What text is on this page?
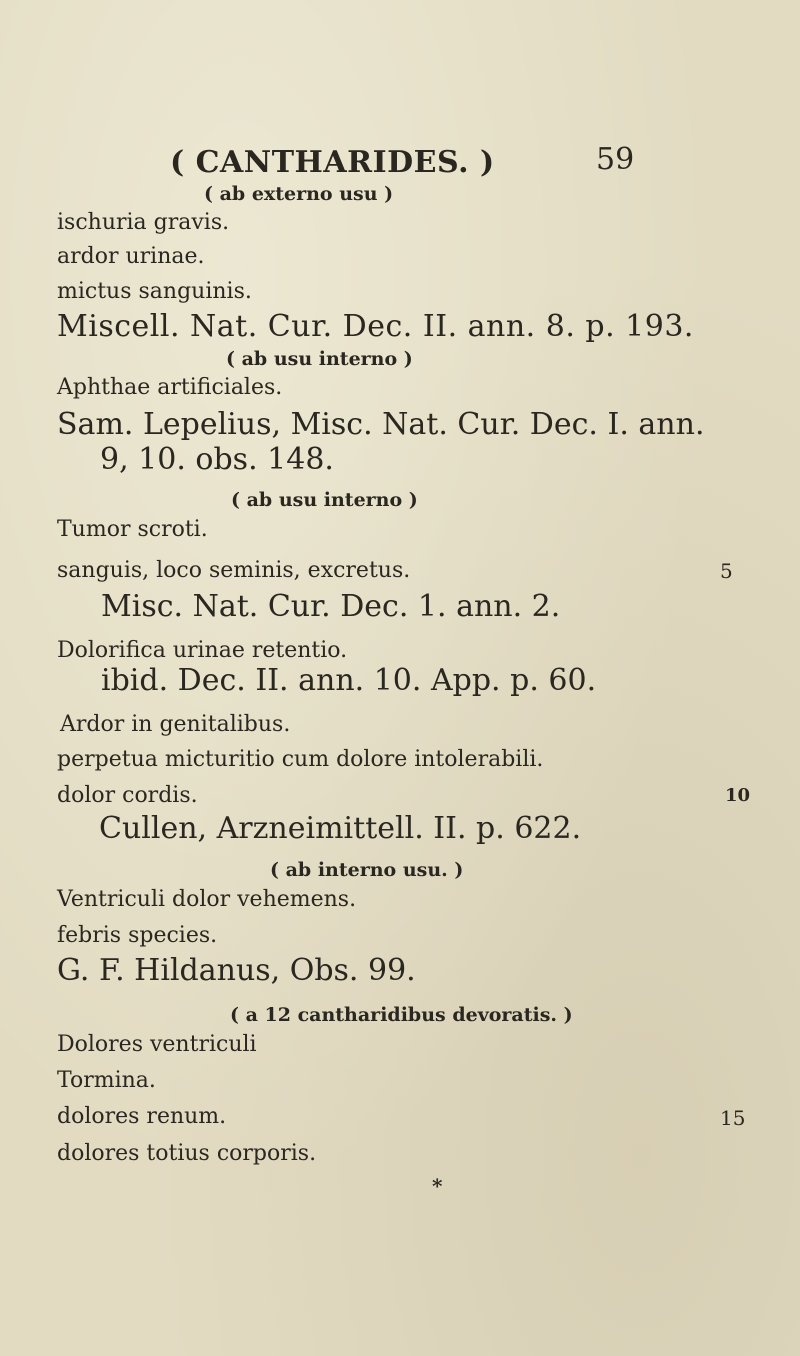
( CANTHARIDES. )	59
( ab externo usu )
ischuria gravis.
ardor urinae.
mictus sanguinis.
Miscell. Nat. Cur. Dec. II. ann. 8. p. 193.
( ab usu interno )
Aphthae artificiales.
Sam. Lepelius, Misc. Nat. Cur. Dec. I. ann.
9, 10. obs. 148.
( ab usu interno )
Tumor scroti.
sanguis, loco seminis, excretus.	5
Misc. Nat. Cur. Dec. 1. ann. 2.
Dolorifica urinae retentio.
ibid. Dec. II. ann. 10. App. p. 60.
Ardor in genitalibus.
perpetua micturitio cum dolore intolerabili.
dolor cordis.	10
Cullen, Arzneimittell. II. p. 622.
( ab interno usu. )
Ventriculi dolor vehemens.
febris species.
G. F. Hildanus, Obs. 99.
( a 12 cantharidibus devoratis. )
Dolores ventriculi
Tormina.
dolores renum.	15
dolores totius corporis.
*
